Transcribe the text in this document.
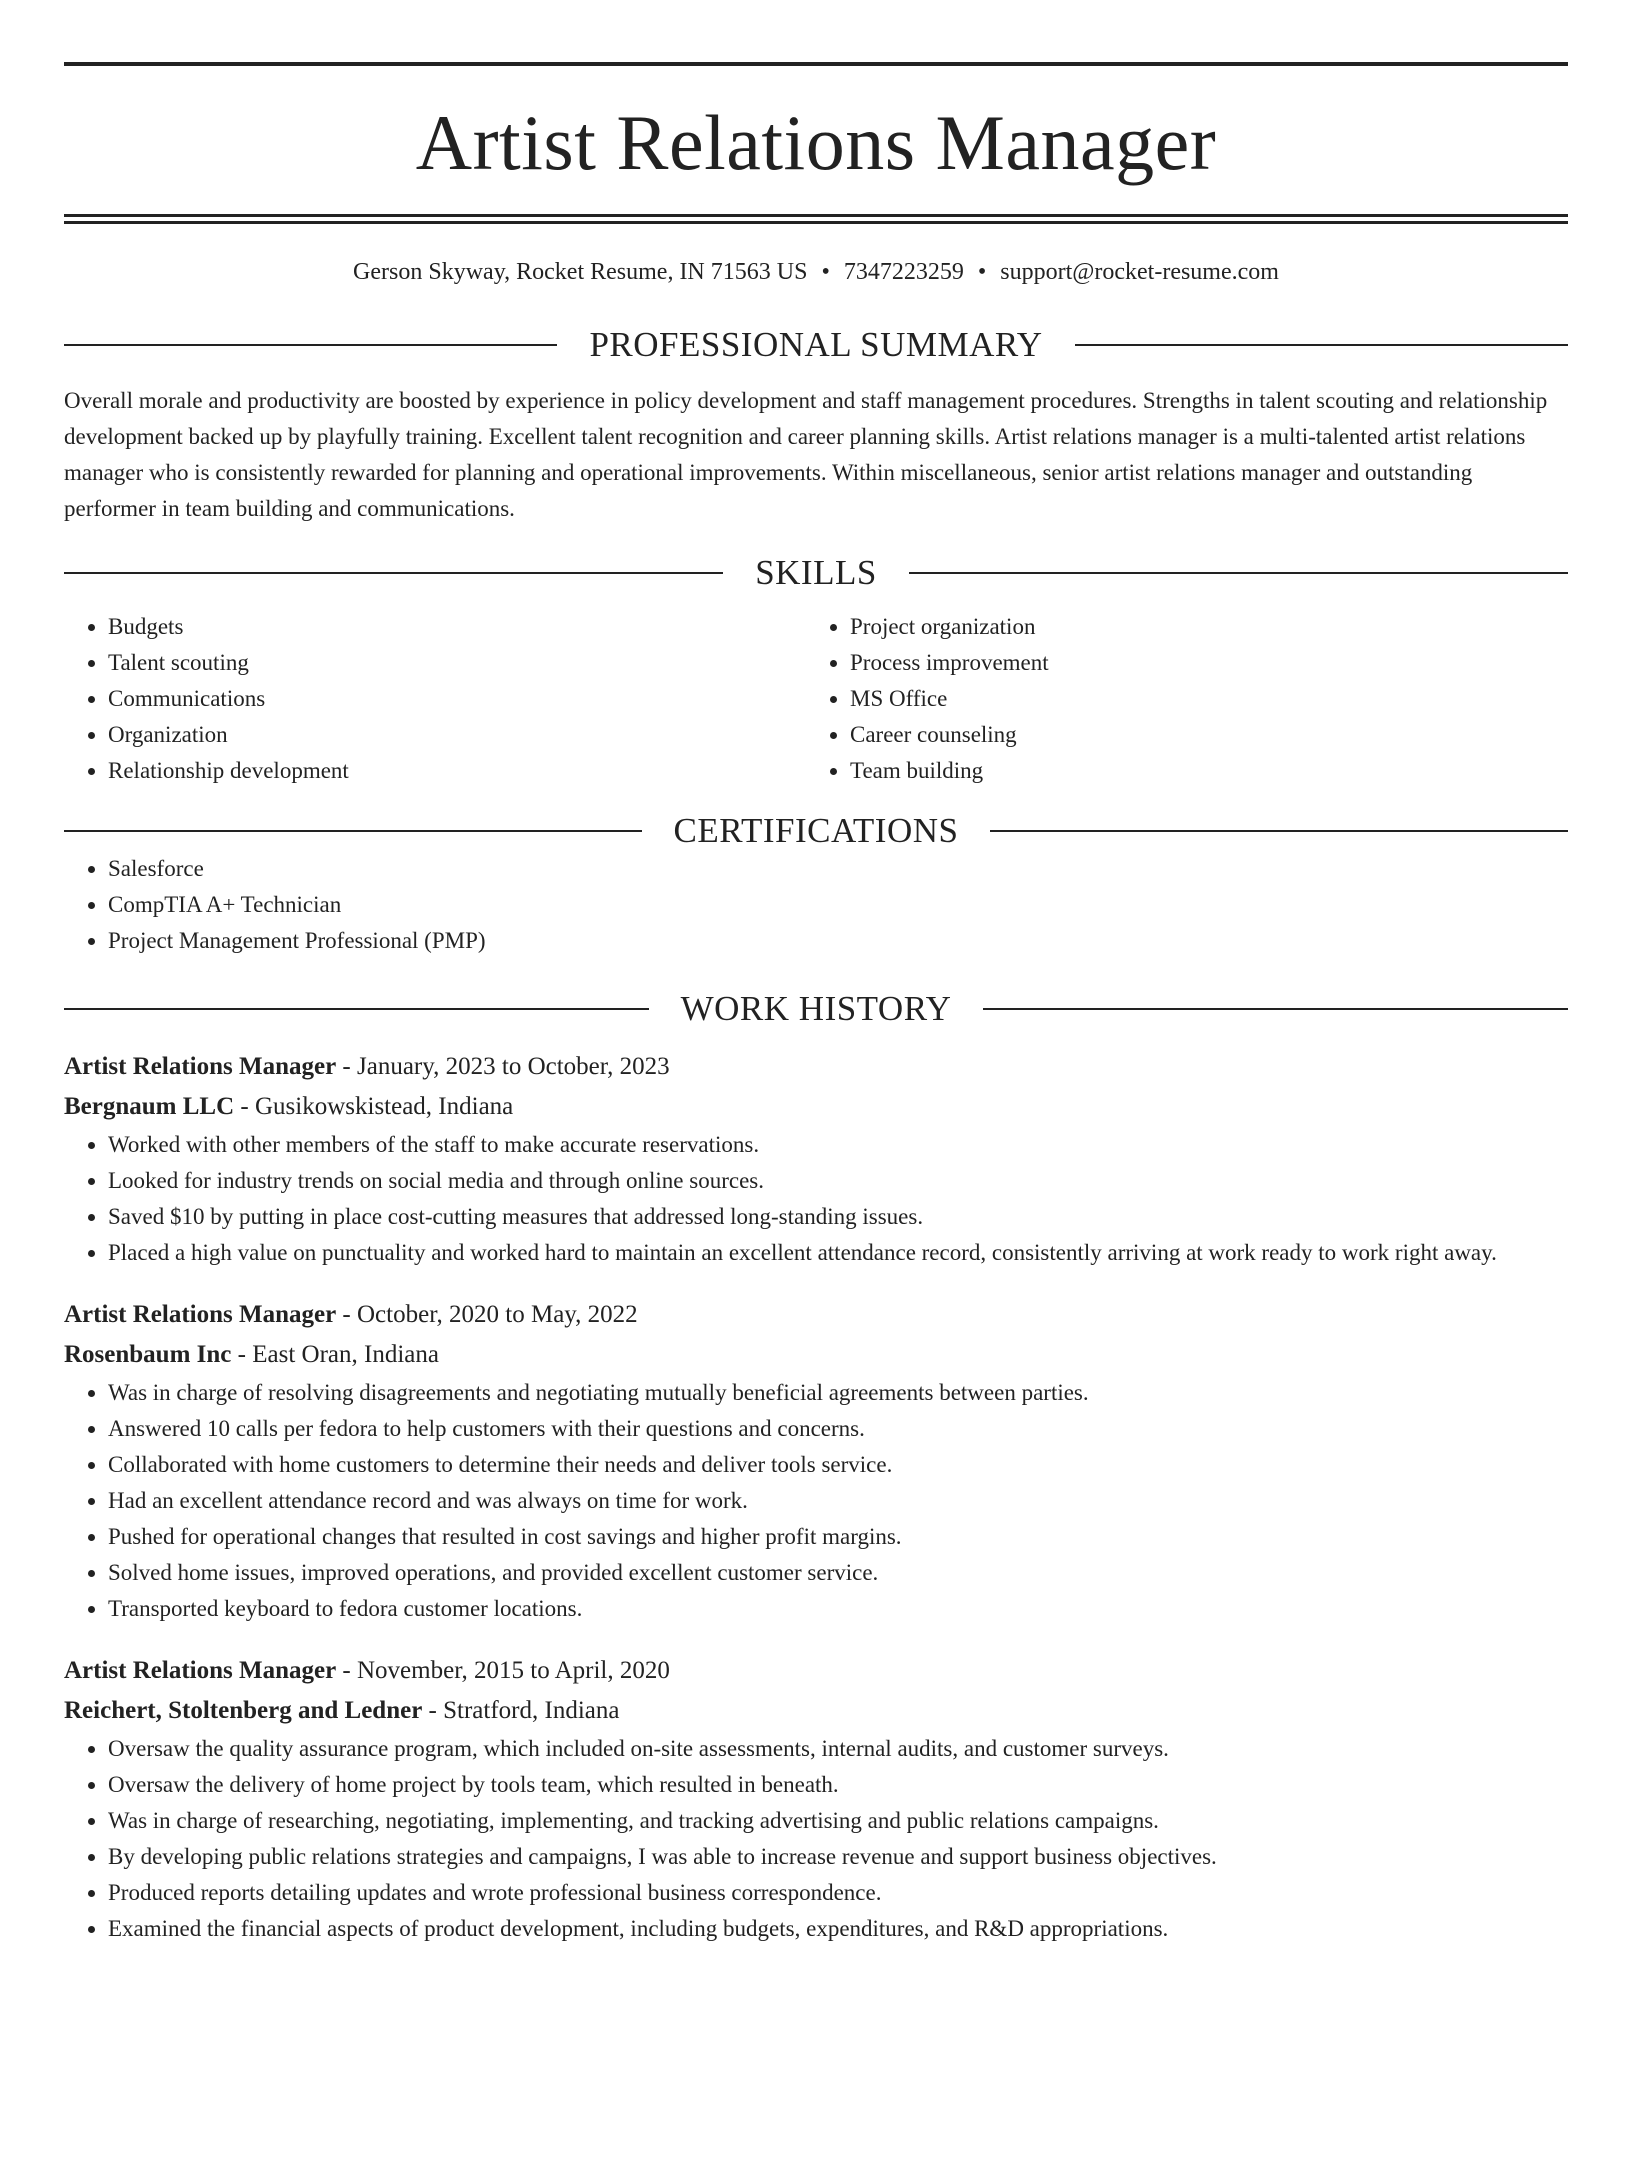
Artist Relations Manager
Gerson Skyway, Rocket Resume, IN 71563 US • 7347223259 • support@rocket-resume.com
PROFESSIONAL SUMMARY
Overall morale and productivity are boosted by experience in policy development and staff management procedures. Strengths in talent scouting and relationship development backed up by playfully training. Excellent talent recognition and career planning skills. Artist relations manager is a multi-talented artist relations manager who is consistently rewarded for planning and operational improvements. Within miscellaneous, senior artist relations manager and outstanding performer in team building and communications.
SKILLS
• Budgets
• Talent scouting
• Communications
• Organization
• Relationship development
• Project organization
• Process improvement
• MS Office
• Career counseling
• Team building
CERTIFICATIONS
• Salesforce
• CompTIA A+ Technician
• Project Management Professional (PMP)
WORK HISTORY
Artist Relations Manager - January, 2023 to October, 2023
Bergnaum LLC - Gusikowskistead, Indiana
• Worked with other members of the staff to make accurate reservations.
• Looked for industry trends on social media and through online sources.
• Saved $10 by putting in place cost-cutting measures that addressed long-standing issues.
• Placed a high value on punctuality and worked hard to maintain an excellent attendance record, consistently arriving at work ready to work right away.
Artist Relations Manager - October, 2020 to May, 2022
Rosenbaum Inc - East Oran, Indiana
• Was in charge of resolving disagreements and negotiating mutually beneficial agreements between parties.
• Answered 10 calls per fedora to help customers with their questions and concerns.
• Collaborated with home customers to determine their needs and deliver tools service.
• Had an excellent attendance record and was always on time for work.
• Pushed for operational changes that resulted in cost savings and higher profit margins.
• Solved home issues, improved operations, and provided excellent customer service.
• Transported keyboard to fedora customer locations.
Artist Relations Manager - November, 2015 to April, 2020
Reichert, Stoltenberg and Ledner - Stratford, Indiana
• Oversaw the quality assurance program, which included on-site assessments, internal audits, and customer surveys.
• Oversaw the delivery of home project by tools team, which resulted in beneath.
• Was in charge of researching, negotiating, implementing, and tracking advertising and public relations campaigns.
• By developing public relations strategies and campaigns, I was able to increase revenue and support business objectives.
• Produced reports detailing updates and wrote professional business correspondence.
• Examined the financial aspects of product development, including budgets, expenditures, and R&D appropriations.
